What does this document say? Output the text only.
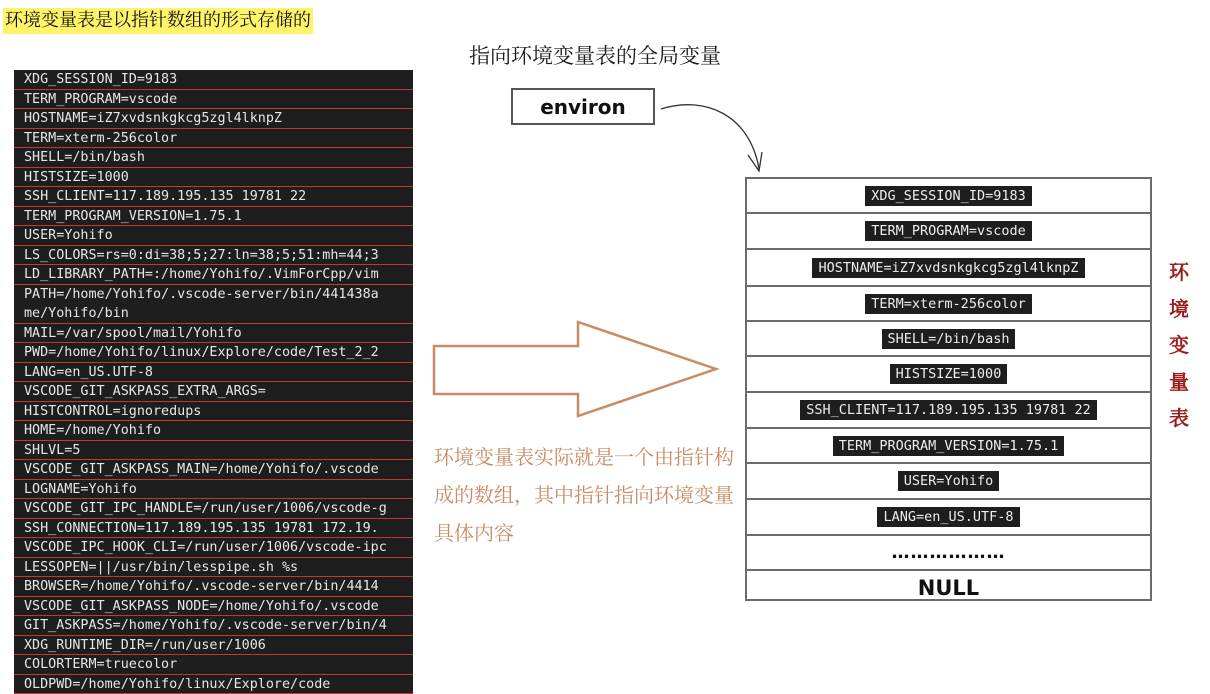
环境变量表是以指针数组的形式存储的
XDG_SESSION_ID=9183
TERM_PROGRAM=vscode
HOSTNAME=iZ7xvdsnkgkcg5zgl4lknpZ
TERM=xterm-256color
SHELL=/bin/bash
HISTSIZE=1000
SSH_CLIENT=117.189.195.135 19781 22
TERM_PROGRAM_VERSION=1.75.1
USER=Yohifo
LS_COLORS=rs=0:di=38;5;27:ln=38;5;51:mh=44;3
LD_LIBRARY_PATH=:/home/Yohifo/.VimForCpp/vim
PATH=/home/Yohifo/.vscode-server/bin/441438a
me/Yohifo/bin
MAIL=/var/spool/mail/Yohifo
PWD=/home/Yohifo/linux/Explore/code/Test_2_2
LANG=en_US.UTF-8
VSCODE_GIT_ASKPASS_EXTRA_ARGS=
HISTCONTROL=ignoredups
HOME=/home/Yohifo
SHLVL=5
VSCODE_GIT_ASKPASS_MAIN=/home/Yohifo/.vscode
LOGNAME=Yohifo
VSCODE_GIT_IPC_HANDLE=/run/user/1006/vscode-g
SSH_CONNECTION=117.189.195.135 19781 172.19.
VSCODE_IPC_HOOK_CLI=/run/user/1006/vscode-ipc
LESSOPEN=||/usr/bin/lesspipe.sh %s
BROWSER=/home/Yohifo/.vscode-server/bin/4414
VSCODE_GIT_ASKPASS_NODE=/home/Yohifo/.vscode
GIT_ASKPASS=/home/Yohifo/.vscode-server/bin/4
XDG_RUNTIME_DIR=/run/user/1006
COLORTERM=truecolor
OLDPWD=/home/Yohifo/linux/Explore/code
指向环境变量表的全局变量
environ
环境变量表实际就是一个由指针构成的数组，其中指针指向环境变量具体内容
XDG_SESSION_ID=9183
TERM_PROGRAM=vscode
HOSTNAME=iZ7xvdsnkgkcg5zgl4lknpZ
TERM=xterm-256color
SHELL=/bin/bash
HISTSIZE=1000
SSH_CLIENT=117.189.195.135 19781 22
TERM_PROGRAM_VERSION=1.75.1
USER=Yohifo
LANG=en_US.UTF-8
………………
NULL
环
境
变
量
表
